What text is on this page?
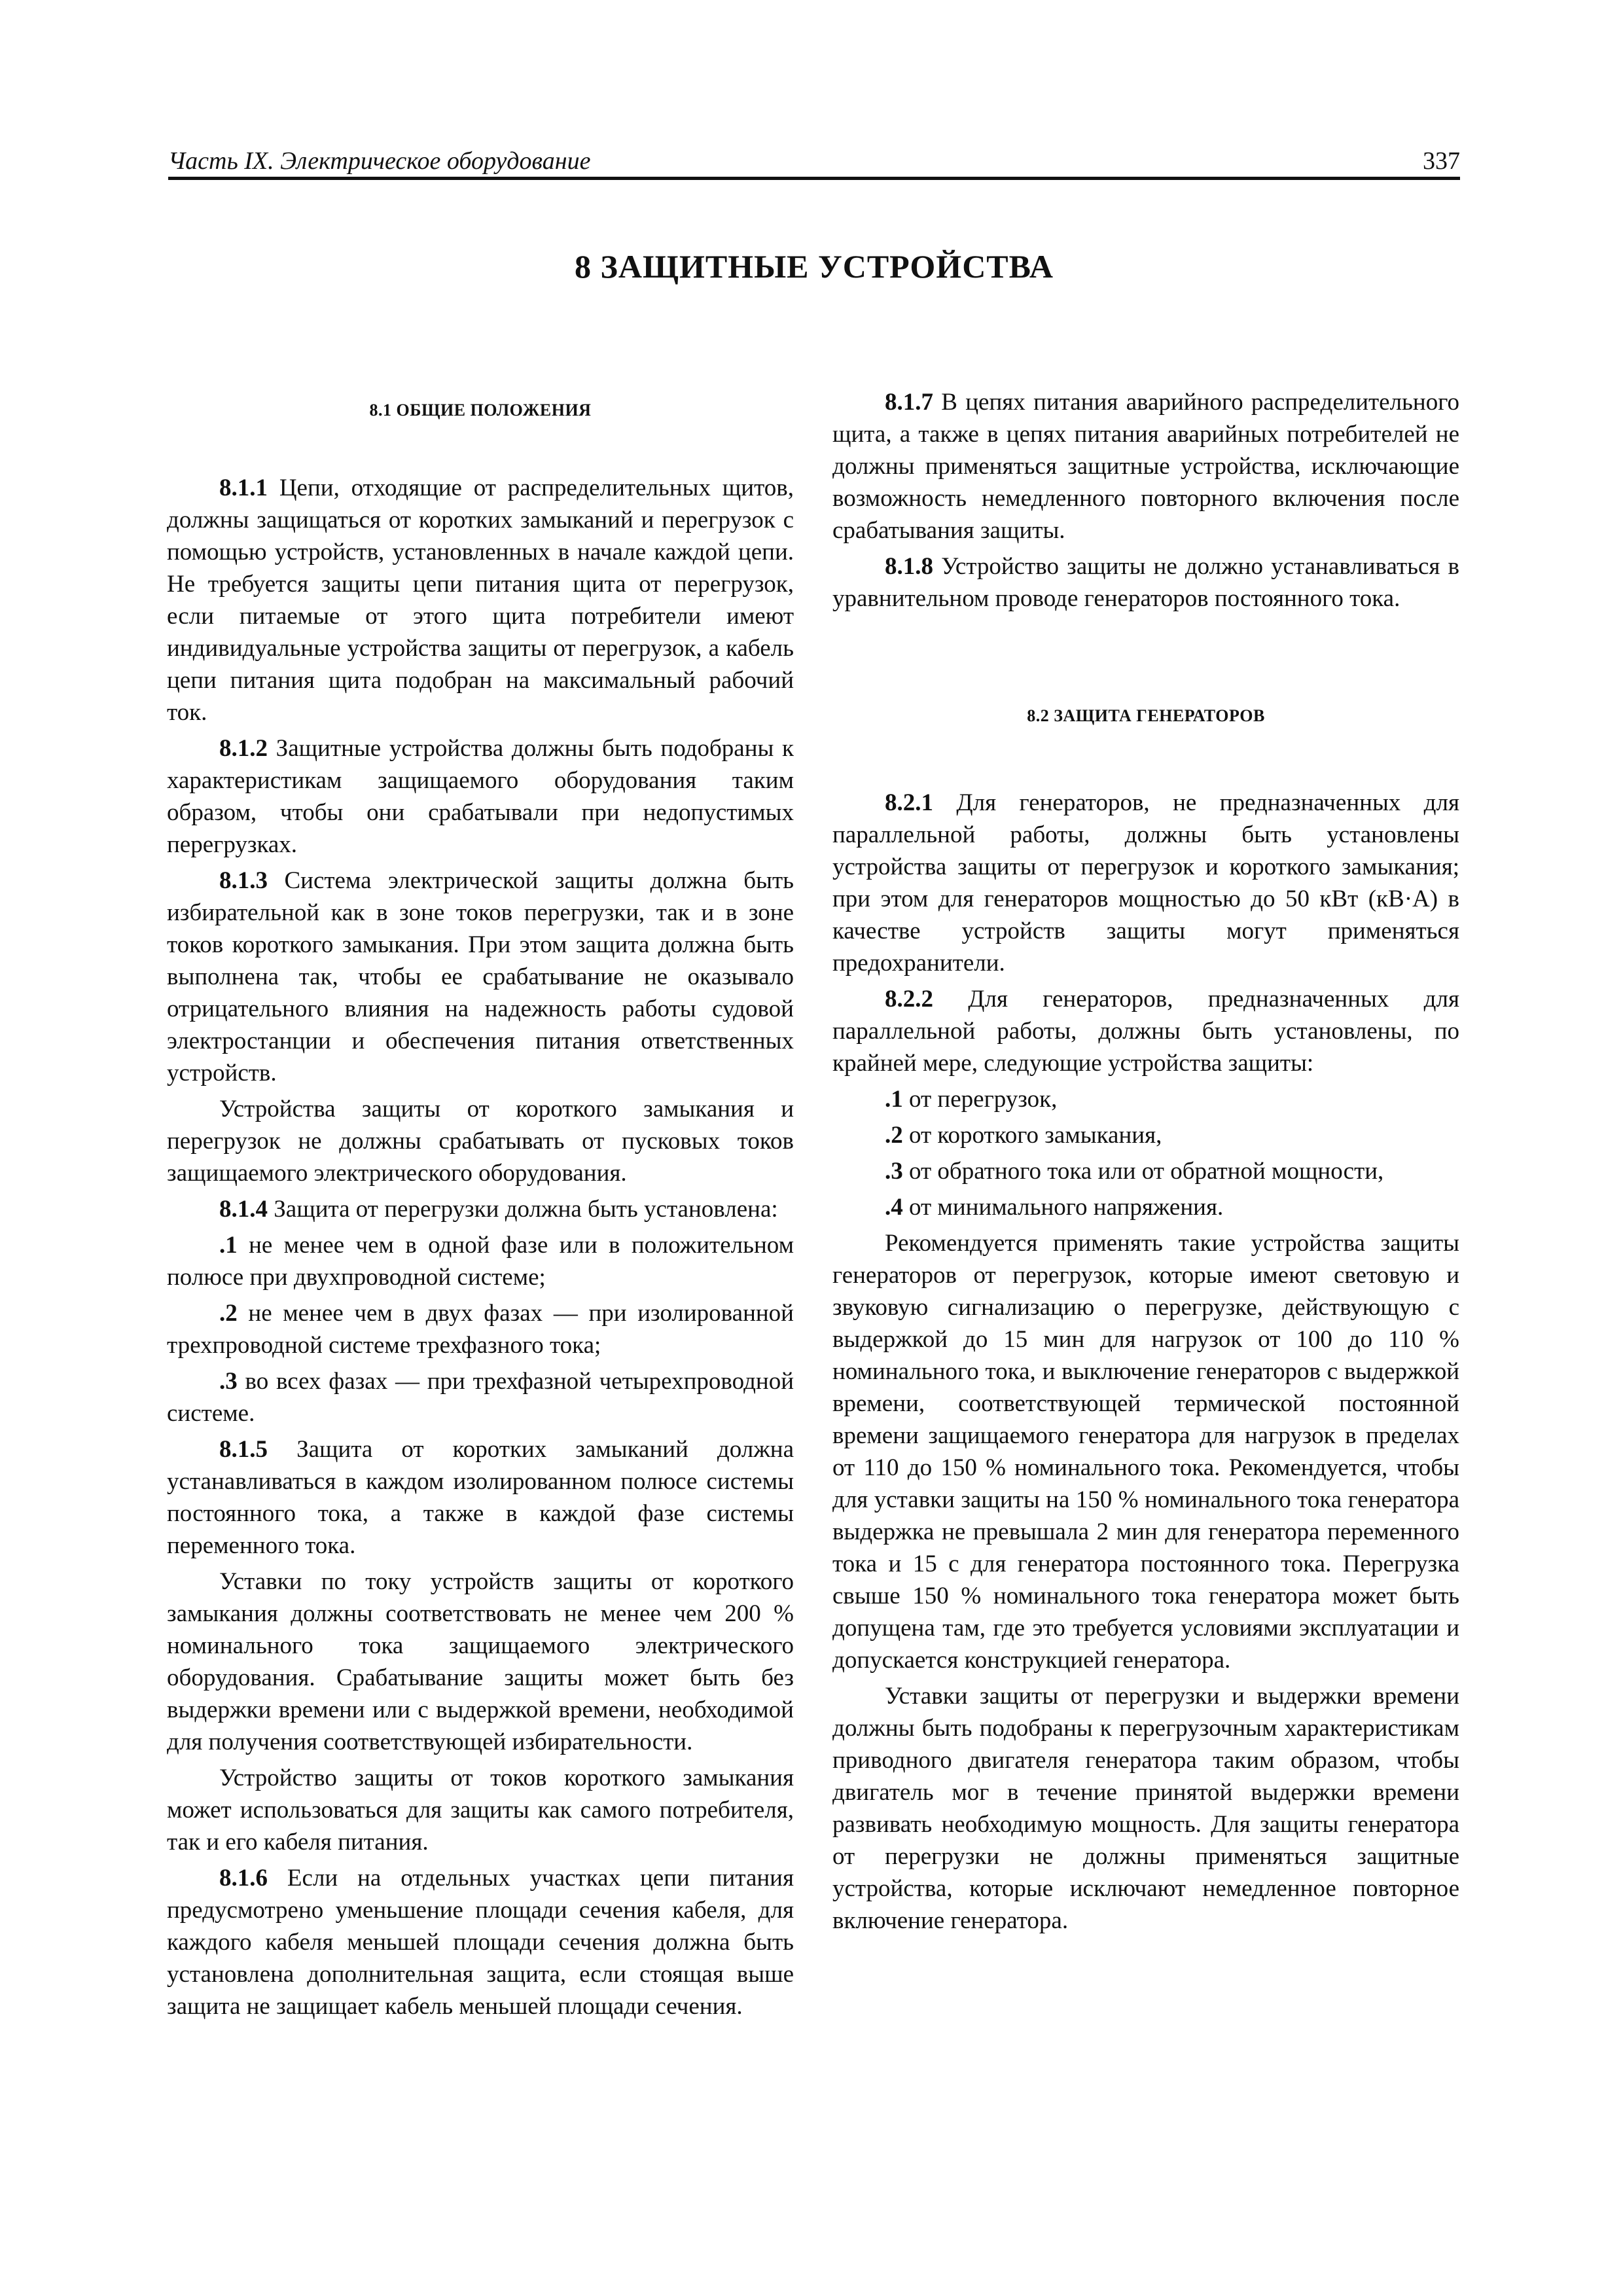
Часть IX. Электрическое оборудование	337
8 ЗАЩИТНЫЕ УСТРОЙСТВА
8.1 ОБЩИЕ ПОЛОЖЕНИЯ

8.1.1 Цепи, отходящие от распределительных щитов, должны защищаться от коротких замыканий и перегрузок с помощью устройств, установленных в начале каждой цепи. Не требуется защиты цепи питания щита от перегрузок, если питаемые от этого щита потребители имеют индивидуальные устройства защиты от перегрузок, а кабель цепи питания щита подобран на максимальный рабочий ток.

8.1.2 Защитные устройства должны быть подобраны к характеристикам защищаемого оборудования таким образом, чтобы они срабатывали при недопустимых перегрузках.

8.1.3 Система электрической защиты должна быть избирательной как в зоне токов перегрузки, так и в зоне токов короткого замыкания. При этом защита должна быть выполнена так, чтобы ее срабатывание не оказывало отрицательного влияния на надежность работы судовой электростанции и обеспечения питания ответственных устройств.

Устройства защиты от короткого замыкания и перегрузок не должны срабатывать от пусковых токов защищаемого электрического оборудования.

8.1.4 Защита от перегрузки должна быть установлена:

.1 не менее чем в одной фазе или в положительном полюсе при двухпроводной системе;

.2 не менее чем в двух фазах — при изолированной трехпроводной системе трехфазного тока;

.3 во всех фазах — при трехфазной четырехпроводной системе.

8.1.5 Защита от коротких замыканий должна устанавливаться в каждом изолированном полюсе системы постоянного тока, а также в каждой фазе системы переменного тока.

Уставки по току устройств защиты от короткого замыкания должны соответствовать не менее чем 200 % номинального тока защищаемого электрического оборудования. Срабатывание защиты может быть без выдержки времени или с выдержкой времени, необходимой для получения соответствующей избирательности.

Устройство защиты от токов короткого замыкания может использоваться для защиты как самого потребителя, так и его кабеля питания.

8.1.6 Если на отдельных участках цепи питания предусмотрено уменьшение площади сечения кабеля, для каждого кабеля меньшей площади сечения должна быть установлена дополнительная защита, если стоящая выше защита не защищает кабель меньшей площади сечения.

8.1.7 В цепях питания аварийного распределительного щита, а также в цепях питания аварийных потребителей не должны применяться защитные устройства, исключающие возможность немедленного повторного включения после срабатывания защиты.

8.1.8 Устройство защиты не должно устанавливаться в уравнительном проводе генераторов постоянного тока.

8.2 ЗАЩИТА ГЕНЕРАТОРОВ

8.2.1 Для генераторов, не предназначенных для параллельной работы, должны быть установлены устройства защиты от перегрузок и короткого замыкания; при этом для генераторов мощностью до 50 кВт (кВ·А) в качестве устройств защиты могут применяться предохранители.

8.2.2 Для генераторов, предназначенных для параллельной работы, должны быть установлены, по крайней мере, следующие устройства защиты:

.1 от перегрузок,

.2 от короткого замыкания,

.3 от обратного тока или от обратной мощности,

.4 от минимального напряжения.

Рекомендуется применять такие устройства защиты генераторов от перегрузок, которые имеют световую и звуковую сигнализацию о перегрузке, действующую с выдержкой до 15 мин для нагрузок от 100 до 110 % номинального тока, и выключение генераторов с выдержкой времени, соответствующей термической постоянной времени защищаемого генератора для нагрузок в пределах от 110 до 150 % номинального тока. Рекомендуется, чтобы для уставки защиты на 150 % номинального тока генератора выдержка не превышала 2 мин для генератора переменного тока и 15 с для генератора постоянного тока. Перегрузка свыше 150 % номинального тока генератора может быть допущена там, где это требуется условиями эксплуатации и допускается конструкцией генератора.

Уставки защиты от перегрузки и выдержки времени должны быть подобраны к перегрузочным характеристикам приводного двигателя генератора таким образом, чтобы двигатель мог в течение принятой выдержки времени развивать необходимую мощность. Для защиты генератора от перегрузки не должны применяться защитные устройства, которые исключают немедленное повторное включение генератора.
